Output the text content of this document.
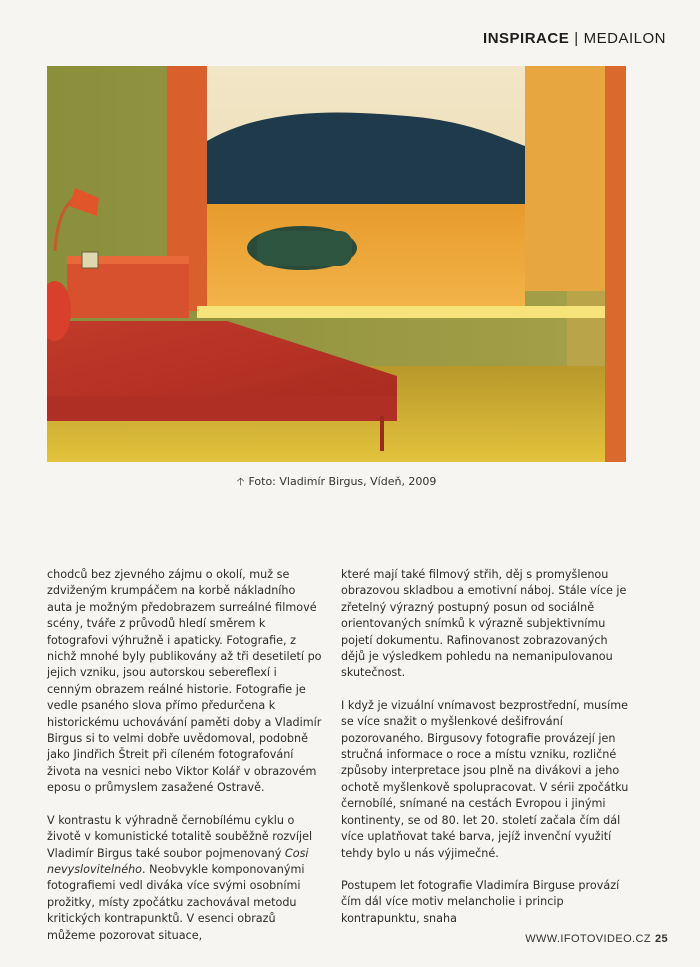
INSPIRACE | MEDAILON
🡡 Foto: Vladimír Birgus, Vídeň, 2009

chodců bez zjevného zájmu o okolí, muž se zdviženým krumpáčem na korbě nákladního auta je možným předobrazem surreálné filmové scény, tváře z průvodů hledí směrem k fotografovi výhružně i apaticky. Fotografie, z nichž mnohé byly publikovány až tři desetiletí po jejich vzniku, jsou autorskou sebereflexí i cenným obrazem reálné historie. Fotografie je vedle psaného slova přímo předurčena k historickému uchovávání paměti doby a Vladimír Birgus si to velmi dobře uvědomoval, podobně jako Jindřich Štreit při cíleném fotografování života na vesnici nebo Viktor Kolář v obrazovém eposu o průmyslem zasažené Ostravě.

V kontrastu k výhradně černobílému cyklu o životě v komunistické totalitě souběžně rozvíjel Vladimír Birgus také soubor pojmenovaný Cosi nevyslovitelného. Neobvykle komponovanými fotografiemi vedl diváka více svými osobními prožitky, místy zpočátku zachovával metodu kritických kontrapunktů. V esenci obrazů můžeme pozorovat situace,

které mají také filmový střih, děj s promyšlenou obrazovou skladbou a emotivní náboj. Stále více je zřetelný výrazný postupný posun od sociálně orientovaných snímků k výrazně subjektivnímu pojetí dokumentu. Rafinovanost zobrazovaných dějů je výsledkem pohledu na nemanipulovanou skutečnost.

I když je vizuální vnímavost bezprostřední, musíme se více snažit o myšlenkové dešifrování pozorovaného. Birgusovy fotografie provázejí jen stručná informace o roce a místu vzniku, rozličné způsoby interpretace jsou plně na divákovi a jeho ochotě myšlenkově spolupracovat. V sérii zpočátku černobílé, snímané na cestách Evropou i jinými kontinenty, se od 80. let 20. století začala čím dál více uplatňovat také barva, jejíž invenční využití tehdy bylo u nás výjimečné.

Postupem let fotografie Vladimíra Birguse provází čím dál více motiv melancholie i princip kontrapunktu, snaha

WWW.IFOTOVIDEO.CZ 25
